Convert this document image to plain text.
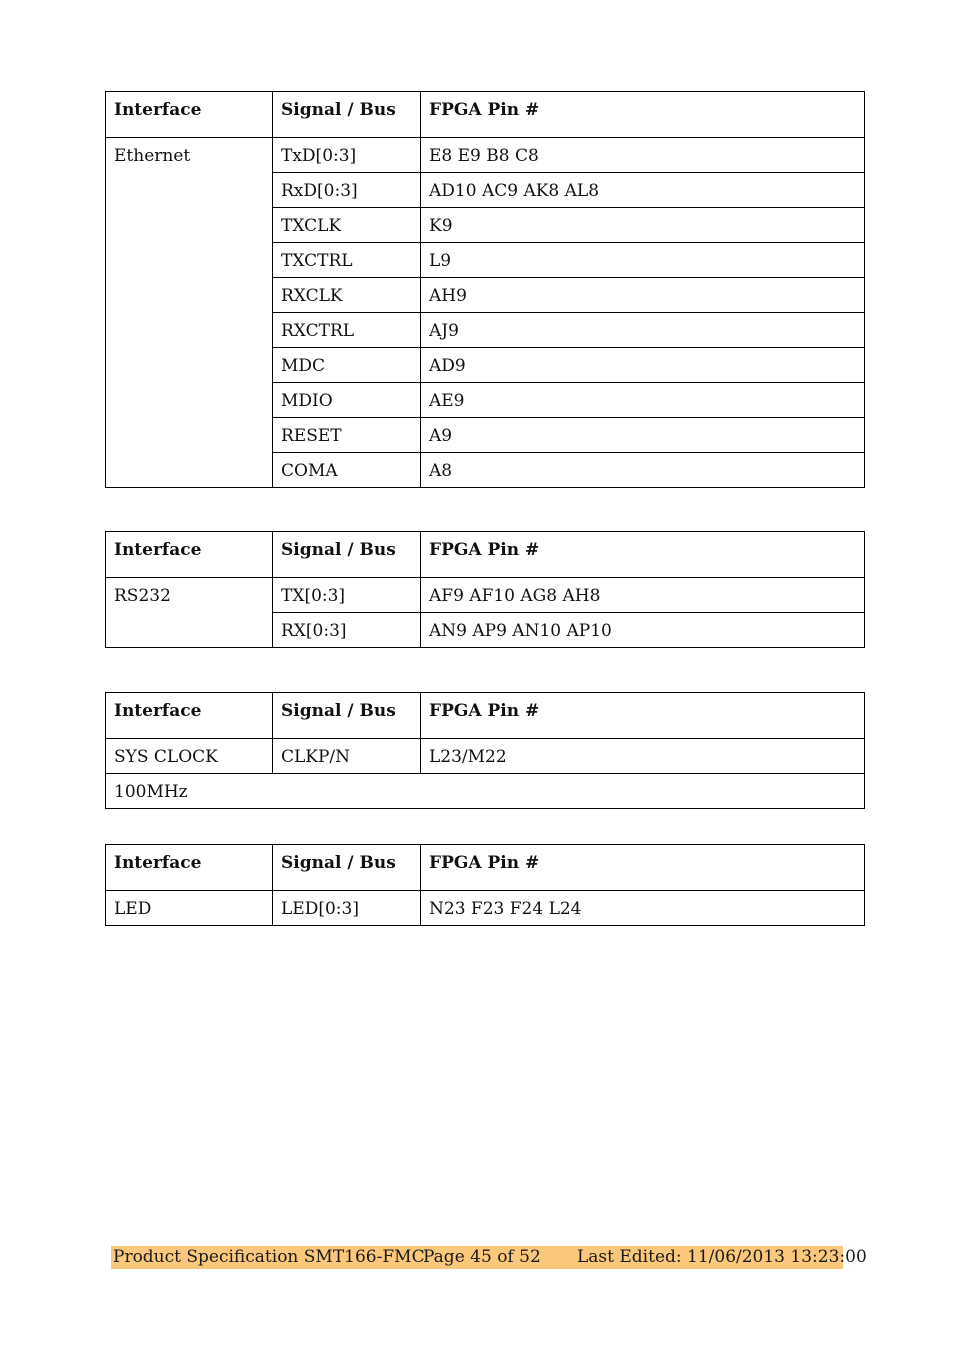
Interface	Signal / Bus	FPGA Pin #
Ethernet	TxD[0:3]	E8 E9 B8 C8
	RxD[0:3]	AD10 AC9 AK8 AL8
	TXCLK	K9
	TXCTRL	L9
	RXCLK	AH9
	RXCTRL	AJ9
	MDC	AD9
	MDIO	AE9
	RESET	A9
	COMA	A8
Interface	Signal / Bus	FPGA Pin #
RS232	TX[0:3]	AF9 AF10 AG8 AH8
	RX[0:3]	AN9 AP9 AN10 AP10
Interface	Signal / Bus	FPGA Pin #
SYS CLOCK	CLKP/N	L23/M22
100MHz		
Interface	Signal / Bus	FPGA Pin #
LED	LED[0:3]	N23 F23 F24 L24
Product Specification SMT166-FMC
Page 45 of 52 Last Edited: 11/06/2013 13:23:00
